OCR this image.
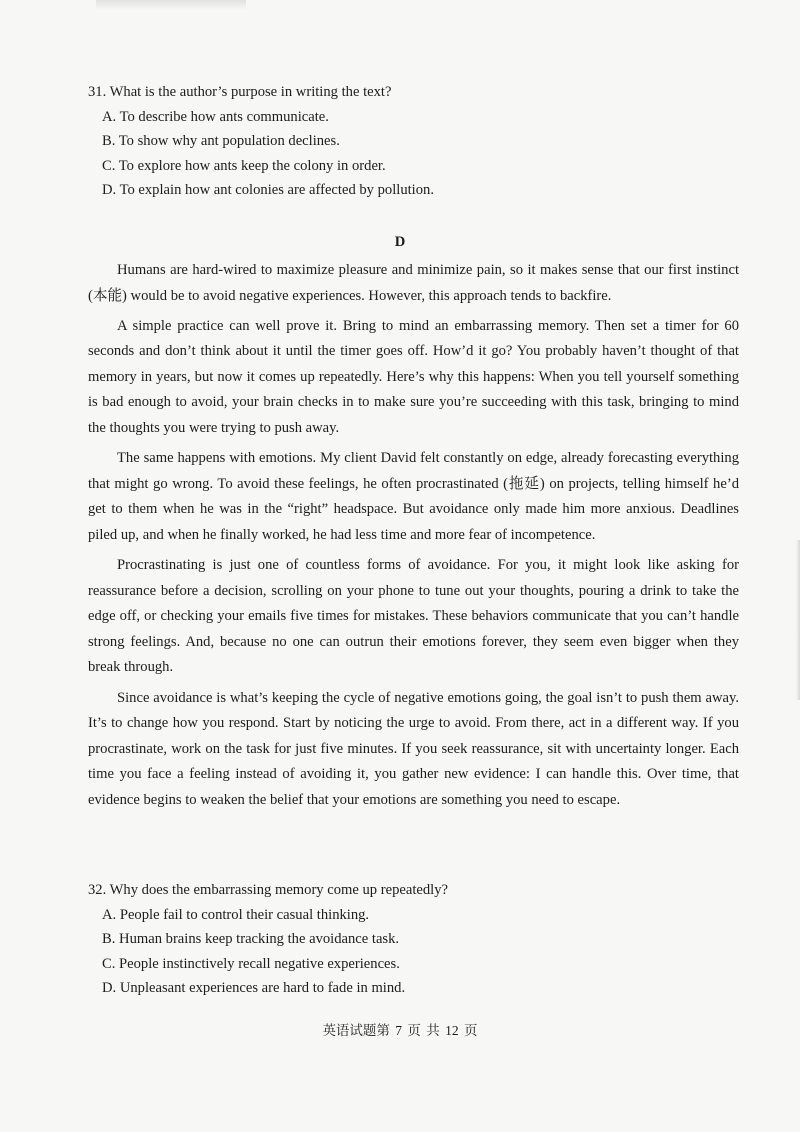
31. What is the author’s purpose in writing the text?
A. To describe how ants communicate.
B. To show why ant population declines.
C. To explore how ants keep the colony in order.
D. To explain how ant colonies are affected by pollution.
D

Humans are hard-wired to maximize pleasure and minimize pain, so it makes sense that our first instinct (本能) would be to avoid negative experiences. However, this approach tends to backfire.

A simple practice can well prove it. Bring to mind an embarrassing memory. Then set a timer for 60 seconds and don’t think about it until the timer goes off. How’d it go? You probably haven’t thought of that memory in years, but now it comes up repeatedly. Here’s why this happens: When you tell yourself something is bad enough to avoid, your brain checks in to make sure you’re succeeding with this task, bringing to mind the thoughts you were trying to push away.

The same happens with emotions. My client David felt constantly on edge, already forecasting everything that might go wrong. To avoid these feelings, he often procrastinated (拖延) on projects, telling himself he’d get to them when he was in the “right” headspace. But avoidance only made him more anxious. Deadlines piled up, and when he finally worked, he had less time and more fear of incompetence.

Procrastinating is just one of countless forms of avoidance. For you, it might look like asking for reassurance before a decision, scrolling on your phone to tune out your thoughts, pouring a drink to take the edge off, or checking your emails five times for mistakes. These behaviors communicate that you can’t handle strong feelings. And, because no one can outrun their emotions forever, they seem even bigger when they break through.

Since avoidance is what’s keeping the cycle of negative emotions going, the goal isn’t to push them away. It’s to change how you respond. Start by noticing the urge to avoid. From there, act in a different way. If you procrastinate, work on the task for just five minutes. If you seek reassurance, sit with uncertainty longer. Each time you face a feeling instead of avoiding it, you gather new evidence: I can handle this. Over time, that evidence begins to weaken the belief that your emotions are something you need to escape.

32. Why does the embarrassing memory come up repeatedly?
A. People fail to control their casual thinking.
B. Human brains keep tracking the avoidance task.
C. People instinctively recall negative experiences.
D. Unpleasant experiences are hard to fade in mind.
英语试题第 7 页 共 12 页
